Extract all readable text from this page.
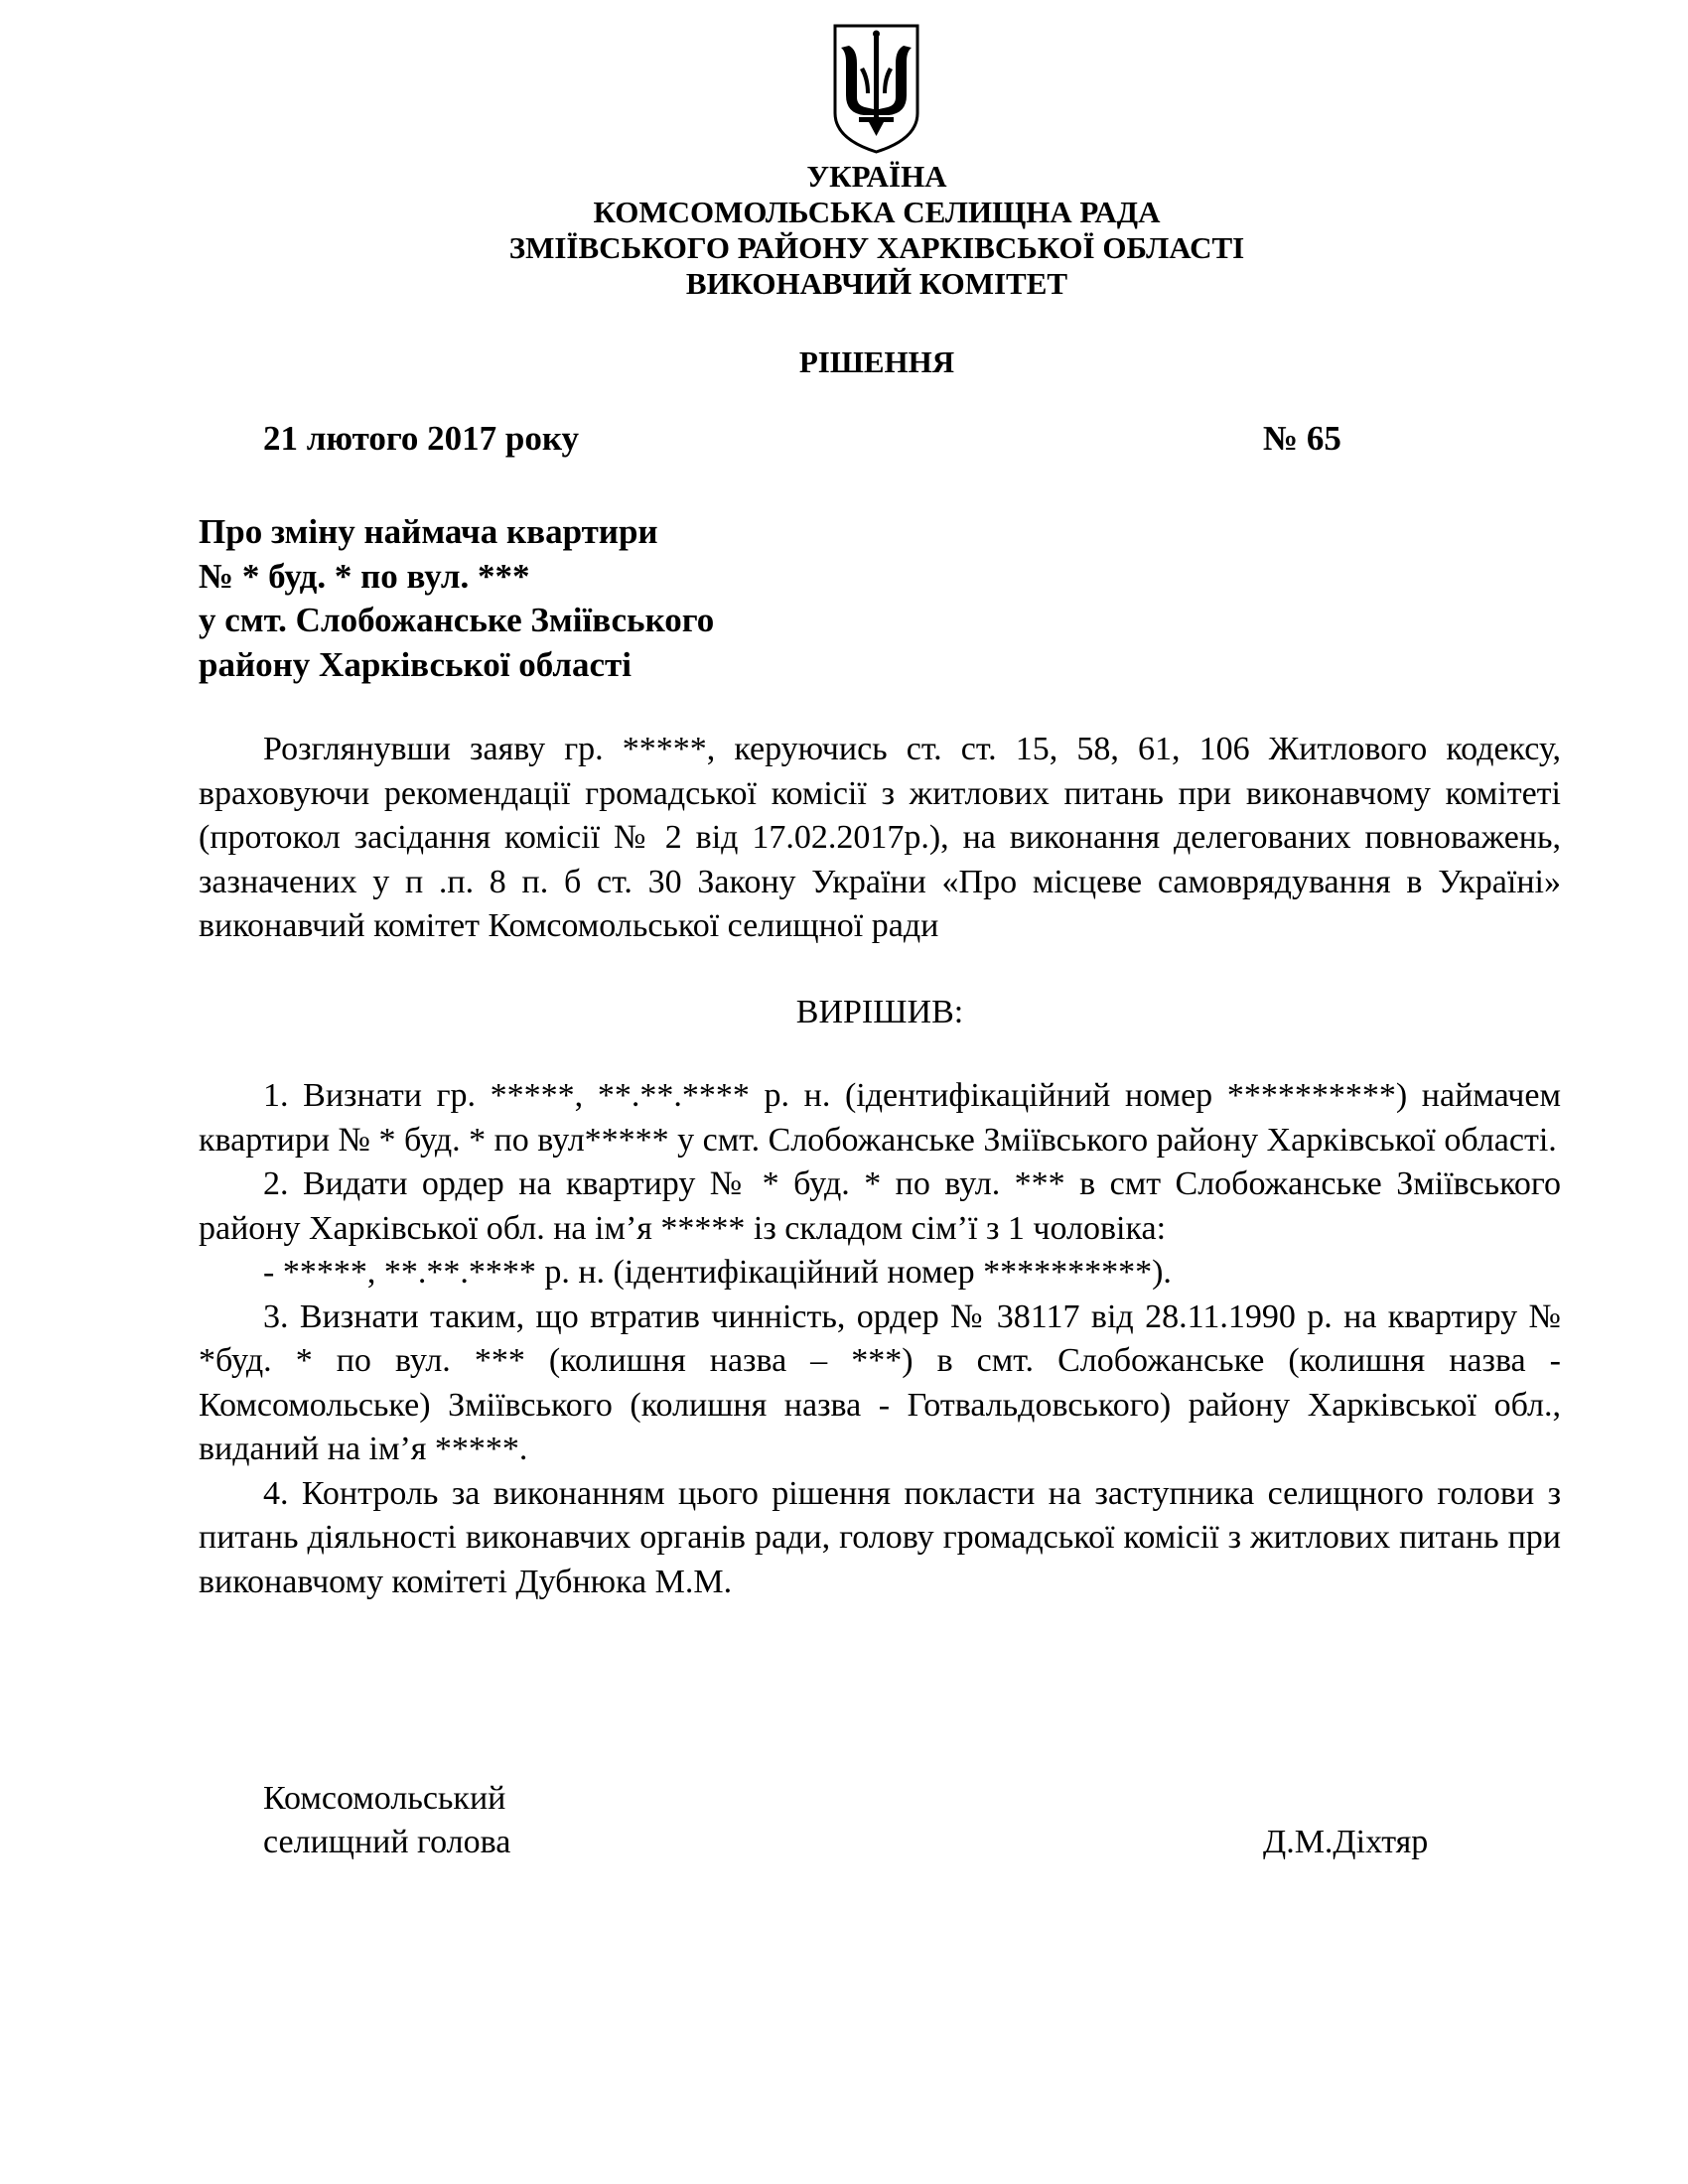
УКРАЇНА
КОМСОМОЛЬСЬКА СЕЛИЩНА РАДА
ЗМІЇВСЬКОГО РАЙОНУ ХАРКІВСЬКОЇ ОБЛАСТІ
ВИКОНАВЧИЙ КОМІТЕТ
РІШЕННЯ
21 лютого 2017 року	№ 65
Про зміну наймача квартири
№ * буд. * по вул. ***
у смт. Слобожанське Зміївського
району Харківської області

Розглянувши заяву гр. *****, керуючись ст. ст. 15, 58, 61, 106 Житлового кодексу, враховуючи рекомендації громадської комісії з житлових питань при виконавчому комітеті (протокол засідання комісії № 2 від 17.02.2017р.), на виконання делегованих повноважень, зазначених у п .п. 8 п. б ст. 30 Закону України «Про місцеве самоврядування в Україні» виконавчий комітет Комсомольської селищної ради

ВИРІШИВ:

1. Визнати гр. *****, **.**.**** р. н. (ідентифікаційний номер **********) наймачем квартири № * буд. * по вул***** у смт. Слобожанське Зміївського району Харківської області.

2. Видати ордер на квартиру № * буд. * по вул. *** в смт Слобожанське Зміївського району Харківської обл. на ім’я ***** із складом сім’ї з 1 чоловіка:

- *****, **.**.**** р. н. (ідентифікаційний номер **********).

3. Визнати таким, що втратив чинність, ордер № 38117 від 28.11.1990 р. на квартиру № *буд. * по вул. *** (колишня назва – ***) в смт. Слобожанське (колишня назва - Комсомольське) Зміївського (колишня назва - Готвальдовського) району Харківської обл., виданий на ім’я *****.

4. Контроль за виконанням цього рішення покласти на заступника селищного голови з питань діяльності виконавчих органів ради, голову громадської комісії з житлових питань при виконавчому комітеті Дубнюка М.М.

Комсомольський
селищний голова	Д.М.Діхтяр
